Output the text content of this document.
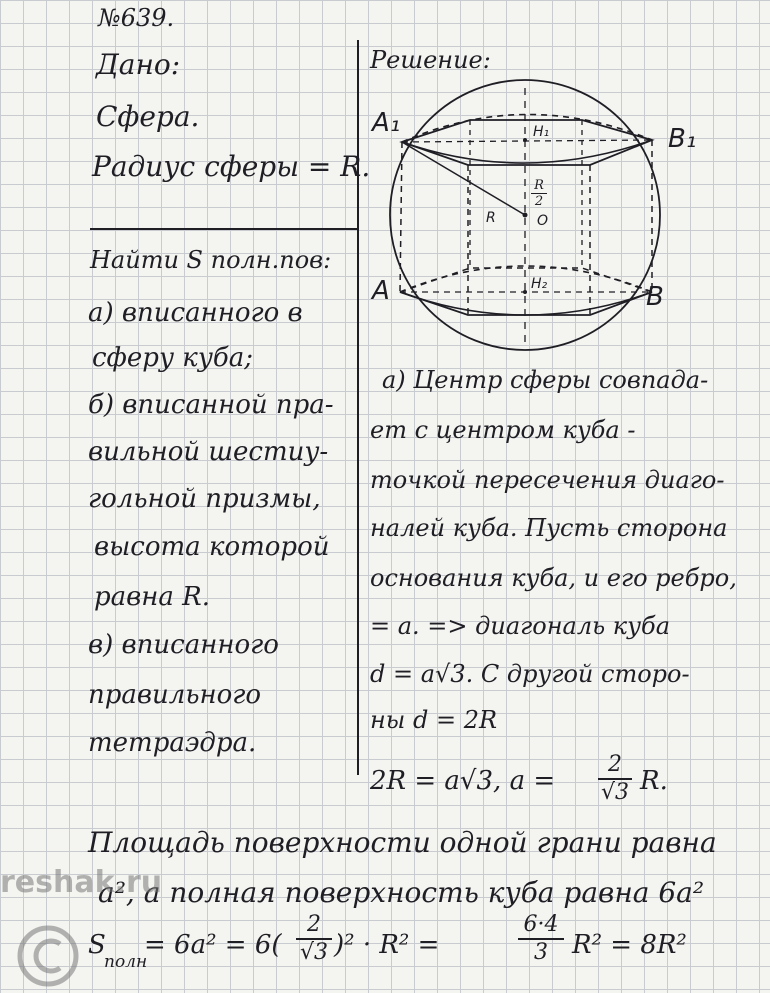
№639.
Дано:
Сфера.
Радиус сферы = R.
Найти S полн.пов:
а) вписанного в
сферу куба;
б) вписанной пра-
вильной шестиу-
гольной призмы,
высота которой
равна R.
в) вписанного
правильного
тетраэдра.
Решение:
A₁
B₁
A	B
H₁
H₂
R	O
$\frac{R}{2}$
а) Центр сферы совпада-
ет с центром куба -
точкой пересечения диаго-
налей куба. Пусть сторона
основания куба, и его ребро,
= a. => диагональ куба
d = a√3. С другой сторо-
ны d = 2R
2R = a√3, $a = \frac{2}{√3} R$.
Площадь поверхности одной грани равна
a², а полная поверхность куба равна 6a²
S
полн
= $6a^2 = 6( \frac{2}{√3} )^2 \cdot R^2$ =	$\frac{6\cdot 4}{3} R^2 = 8R^2$
reshak.ru
